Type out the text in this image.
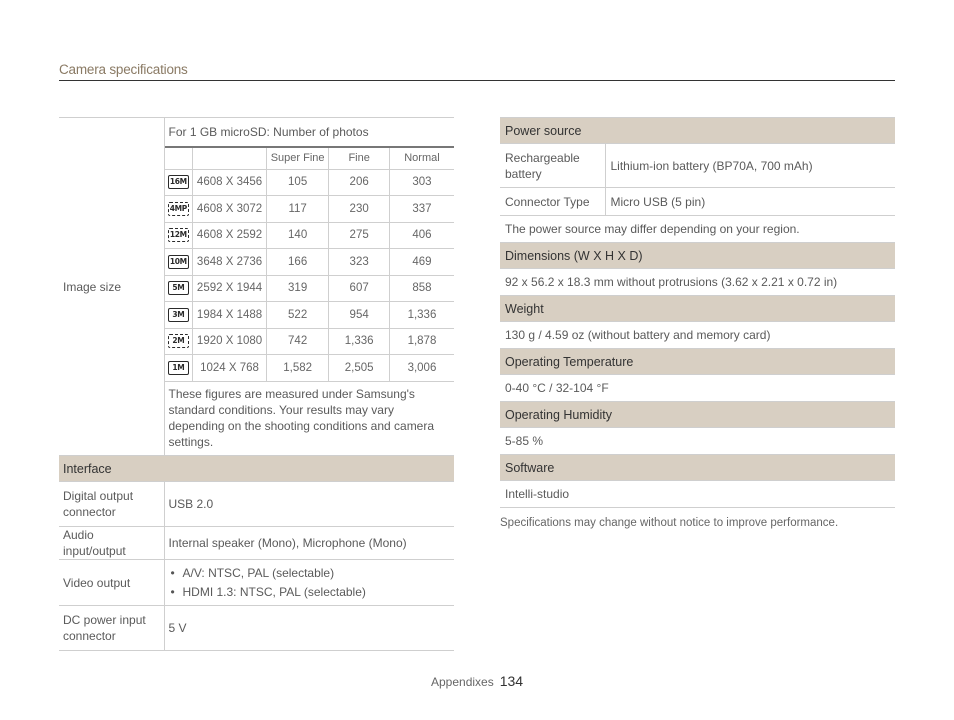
Camera specifications
Image size	
For 1 GB microSD: Number of photos
		Super Fine	Fine	Normal
16M	4608 X 3456	105	206	303
4MP	4608 X 3072	117	230	337
12M	4608 X 2592	140	275	406
10M	3648 X 2736	166	323	469
5M	2592 X 1944	319	607	858
3M	1984 X 1488	522	954	1,336
2M	1920 X 1080	742	1,336	1,878
1M	1024 X 768	1,582	2,505	3,006
These figures are measured under Samsung's standard conditions. Your results may vary depending on the shooting conditions and camera settings.

Interface
Digital output connector	USB 2.0
Audio input/output	Internal speaker (Mono), Microphone (Mono)
Video output	
• A/V: NTSC, PAL (selectable)
• HDMI 1.3: NTSC, PAL (selectable)

DC power input connector	5 V
Power source	
Rechargeable battery	Lithium-ion battery (BP70A, 700 mAh)
Connector Type	Micro USB (5 pin)
The power source may differ depending on your region.	
Dimensions (W X H X D)	
92 x 56.2 x 18.3 mm without protrusions (3.62 x 2.21 x 0.72 in)	
Weight	
130 g / 4.59 oz (without battery and memory card)	
Operating Temperature	
0-40 °C / 32-104 °F	
Operating Humidity	
5-85 %	
Software	
Intelli-studio	
Specifications may change without notice to improve performance.
Appendixes 134
